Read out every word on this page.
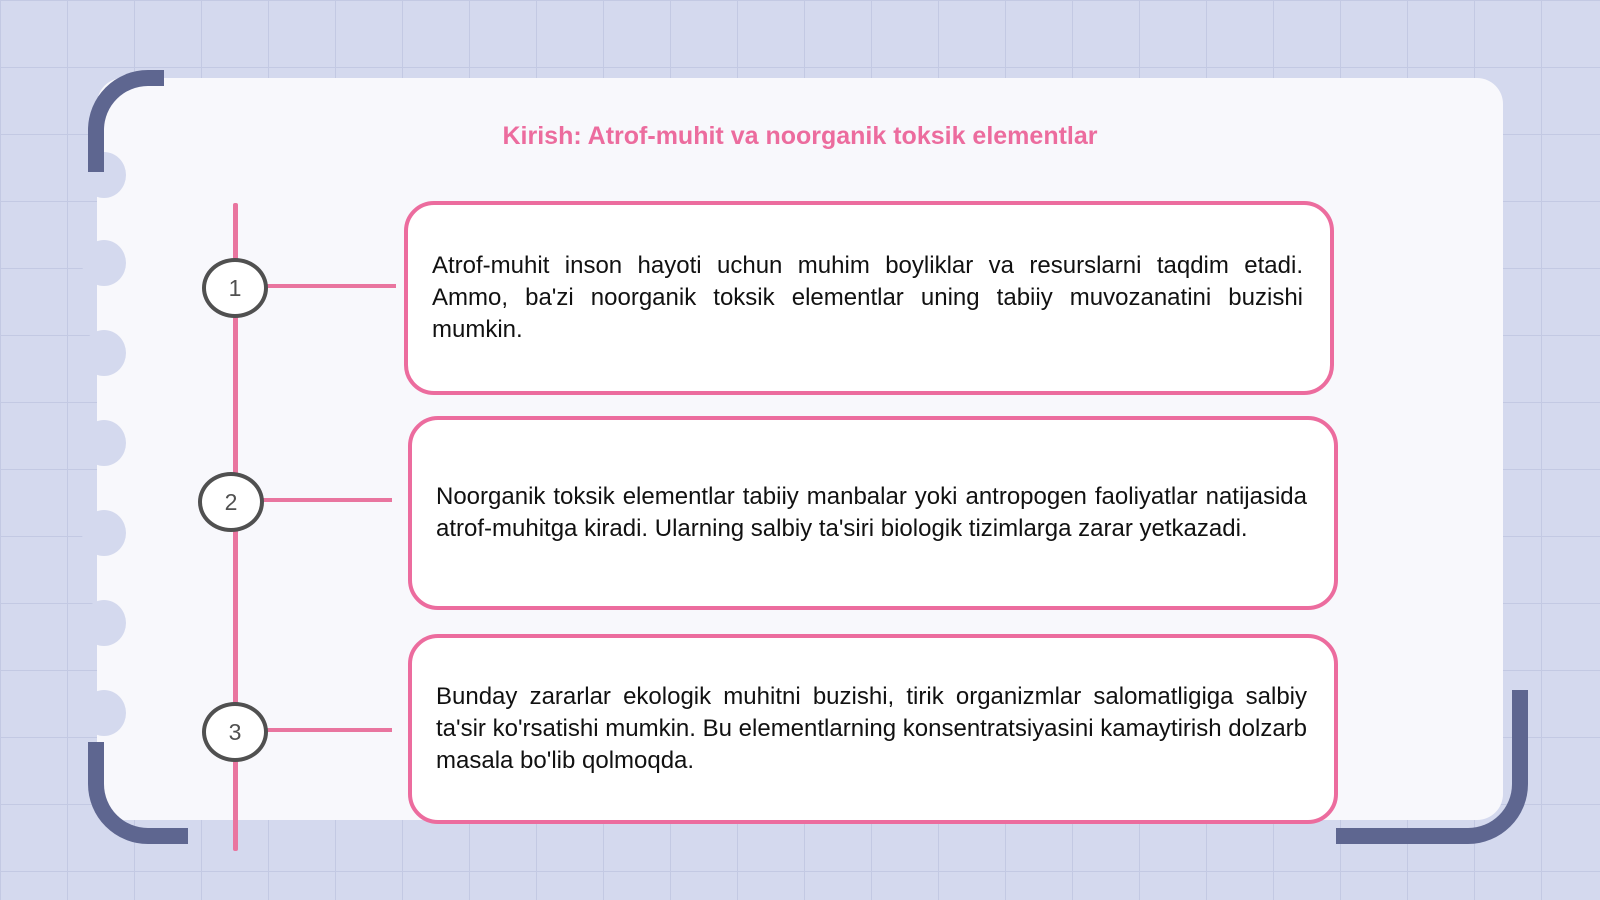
Kirish: Atrof-muhit va noorganik toksik elementlar
1

Atrof-muhit inson hayoti uchun muhim boyliklar va resurslarni taqdim etadi. Ammo, ba'zi noorganik toksik elementlar uning tabiiy muvozanatini buzishi mumkin.

2	Noorganik toksik elementlar tabiiy manbalar yoki antropogen faoliyatlar natijasida atrof-muhitga kiradi. Ularning salbiy ta'siri biologik tizimlarga zarar yetkazadi.

3

Bunday zararlar ekologik muhitni buzishi, tirik organizmlar salomatligiga salbiy ta'sir ko'rsatishi mumkin. Bu elementlarning konsentratsiyasini kamaytirish dolzarb masala bo'lib qolmoqda.
